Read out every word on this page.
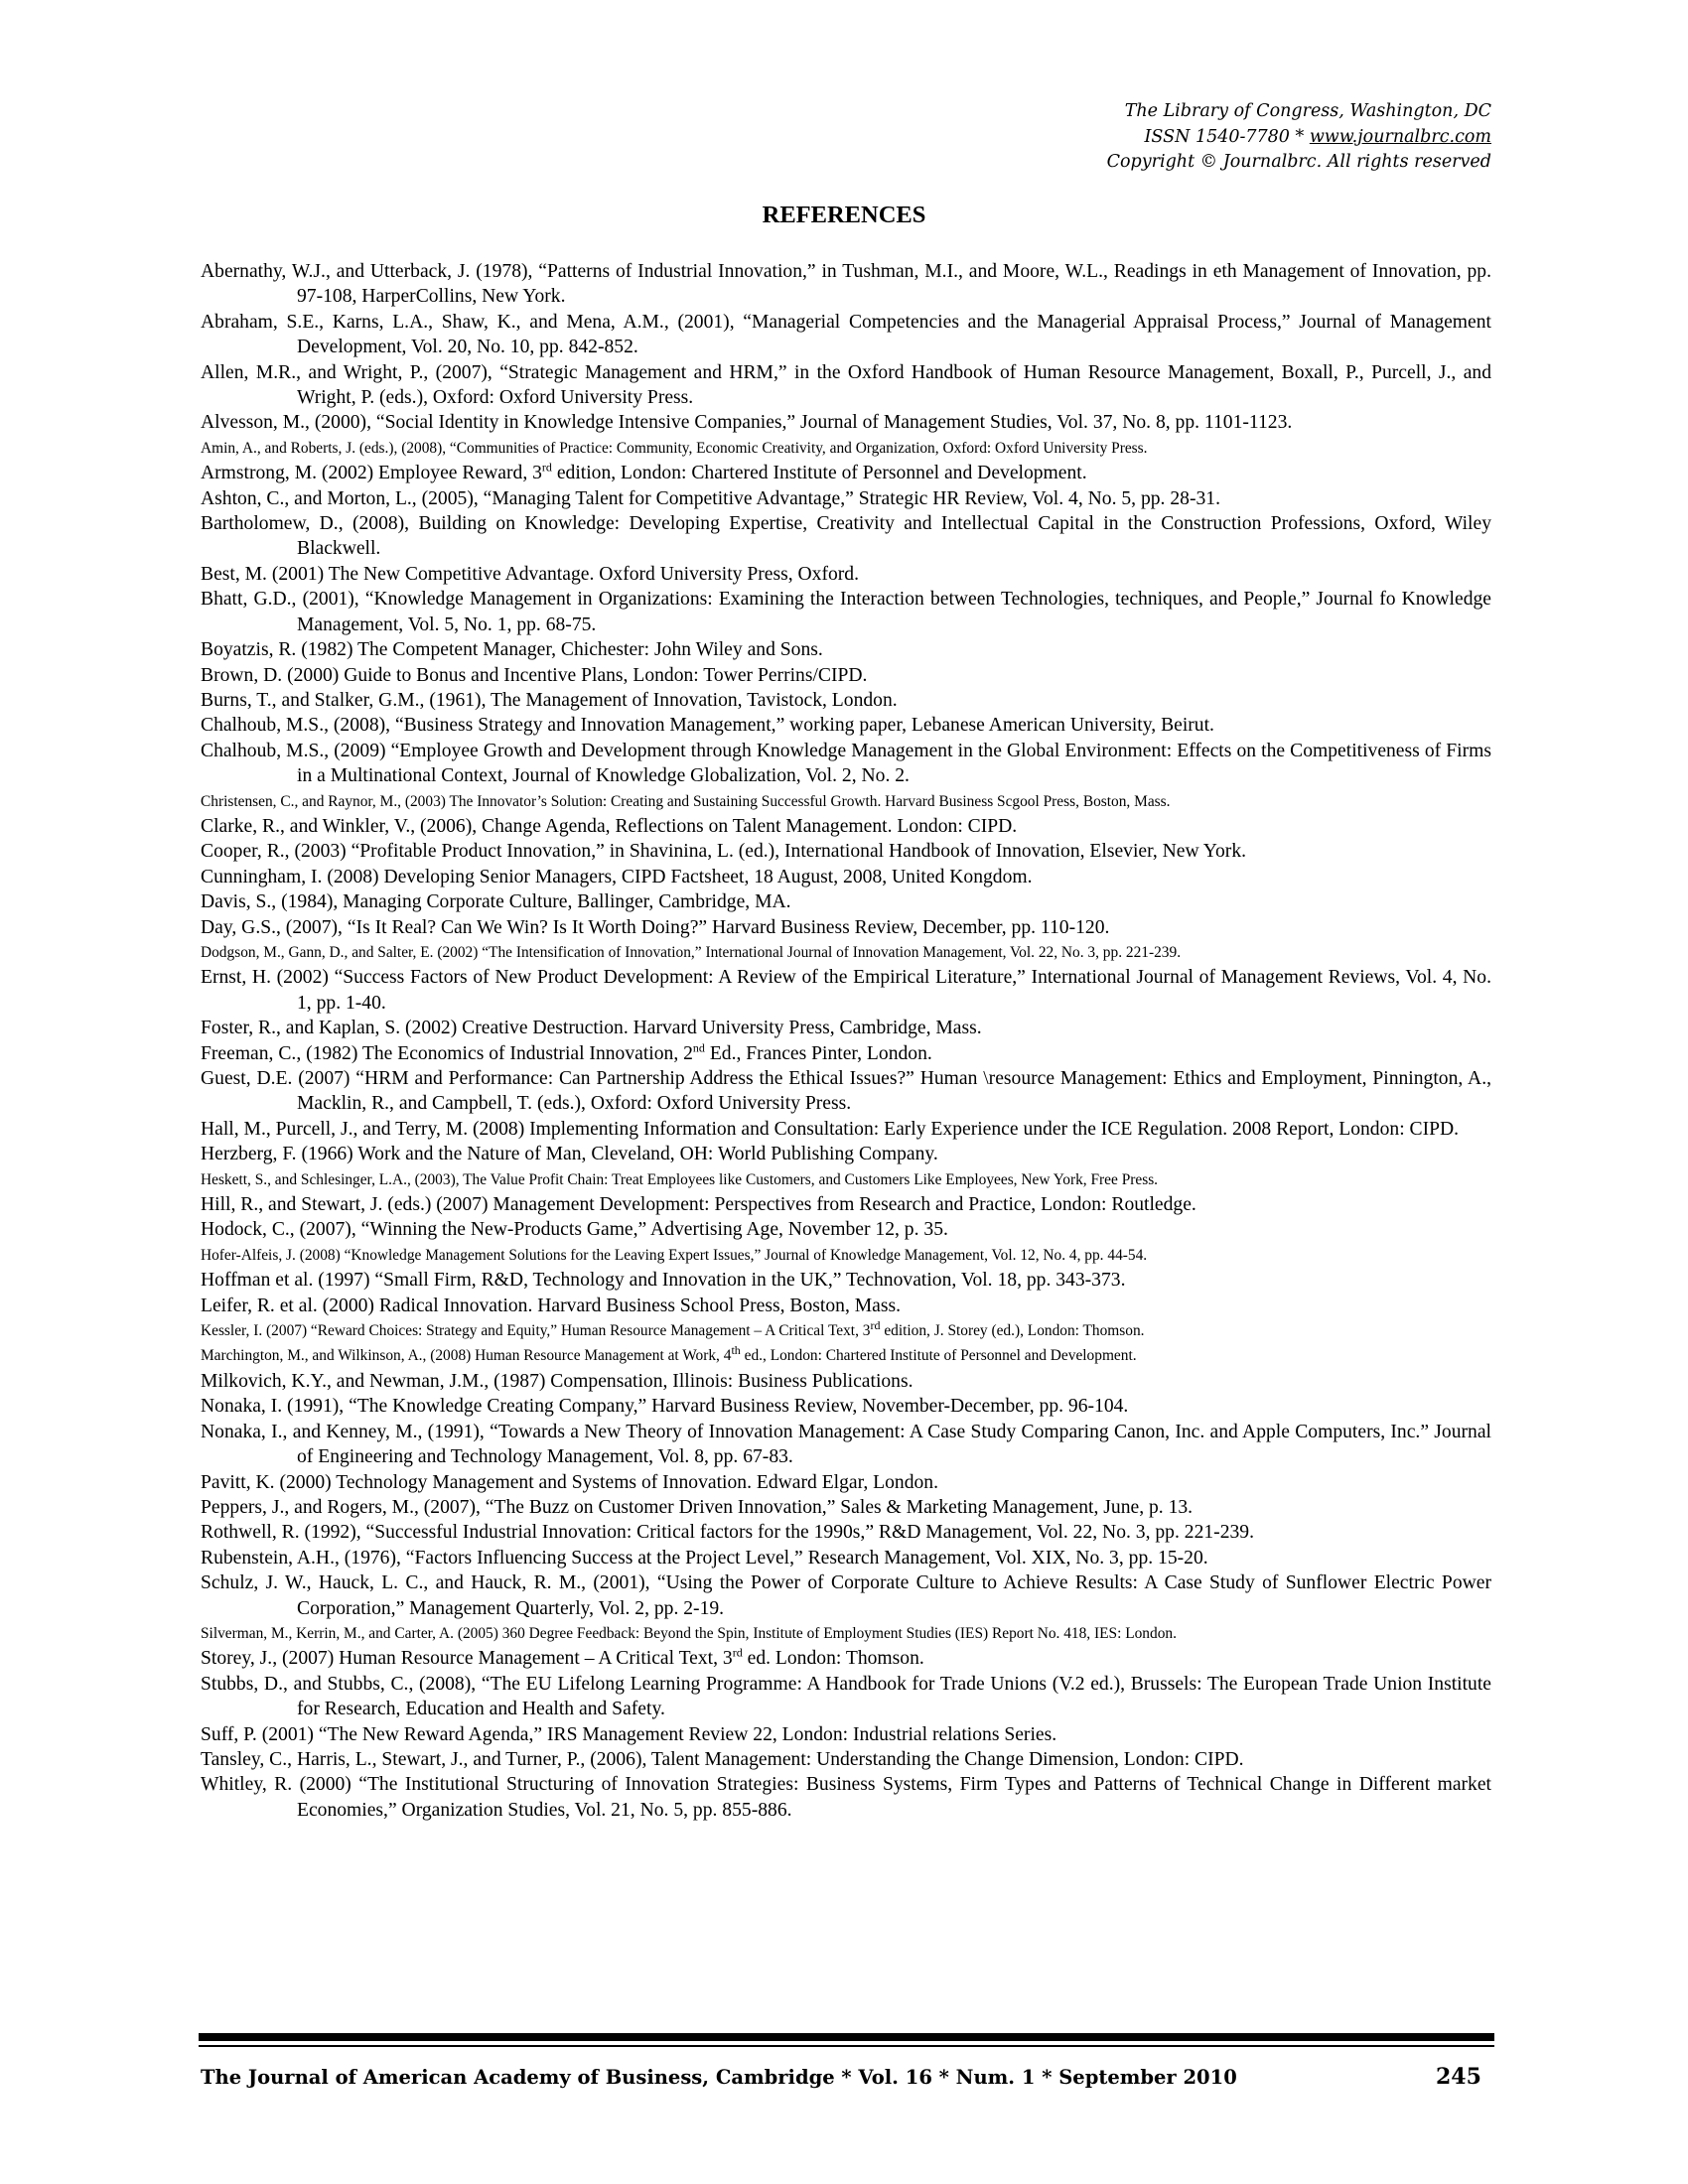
The Library of Congress, Washington, DC
ISSN 1540-7780 * www.journalbrc.com
Copyright © Journalbrc. All rights reserved
REFERENCES

Abernathy, W.J., and Utterback, J. (1978), “Patterns of Industrial Innovation,” in Tushman, M.I., and Moore, W.L., Readings in eth Management of Innovation, pp. 97-108, HarperCollins, New York.

Abraham, S.E., Karns, L.A., Shaw, K., and Mena, A.M., (2001), “Managerial Competencies and the Managerial Appraisal Process,” Journal of Management Development, Vol. 20, No. 10, pp. 842-852.

Allen, M.R., and Wright, P., (2007), “Strategic Management and HRM,” in the Oxford Handbook of Human Resource Management, Boxall, P., Purcell, J., and Wright, P. (eds.), Oxford: Oxford University Press.

Alvesson, M., (2000), “Social Identity in Knowledge Intensive Companies,” Journal of Management Studies, Vol. 37, No. 8, pp. 1101-1123.

Amin, A., and Roberts, J. (eds.), (2008), “Communities of Practice: Community, Economic Creativity, and Organization, Oxford: Oxford University Press.

Armstrong, M. (2002) Employee Reward, 3rd edition, London: Chartered Institute of Personnel and Development.

Ashton, C., and Morton, L., (2005), “Managing Talent for Competitive Advantage,” Strategic HR Review, Vol. 4, No. 5, pp. 28-31.

Bartholomew, D., (2008), Building on Knowledge: Developing Expertise, Creativity and Intellectual Capital in the Construction Professions, Oxford, Wiley Blackwell.

Best, M. (2001) The New Competitive Advantage. Oxford University Press, Oxford.

Bhatt, G.D., (2001), “Knowledge Management in Organizations: Examining the Interaction between Technologies, techniques, and People,” Journal fo Knowledge Management, Vol. 5, No. 1, pp. 68-75.

Boyatzis, R. (1982) The Competent Manager, Chichester: John Wiley and Sons.

Brown, D. (2000) Guide to Bonus and Incentive Plans, London: Tower Perrins/CIPD.

Burns, T., and Stalker, G.M., (1961), The Management of Innovation, Tavistock, London.

Chalhoub, M.S., (2008), “Business Strategy and Innovation Management,” working paper, Lebanese American University, Beirut.

Chalhoub, M.S., (2009) “Employee Growth and Development through Knowledge Management in the Global Environment: Effects on the Competitiveness of Firms in a Multinational Context, Journal of Knowledge Globalization, Vol. 2, No. 2.

Christensen, C., and Raynor, M., (2003) The Innovator’s Solution: Creating and Sustaining Successful Growth. Harvard Business Scgool Press, Boston, Mass.

Clarke, R., and Winkler, V., (2006), Change Agenda, Reflections on Talent Management. London: CIPD.

Cooper, R., (2003) “Profitable Product Innovation,” in Shavinina, L. (ed.), International Handbook of Innovation, Elsevier, New York.

Cunningham, I. (2008) Developing Senior Managers, CIPD Factsheet, 18 August, 2008, United Kongdom.

Davis, S., (1984), Managing Corporate Culture, Ballinger, Cambridge, MA.

Day, G.S., (2007), “Is It Real? Can We Win? Is It Worth Doing?” Harvard Business Review, December, pp. 110-120.

Dodgson, M., Gann, D., and Salter, E. (2002) “The Intensification of Innovation,” International Journal of Innovation Management, Vol. 22, No. 3, pp. 221-239.

Ernst, H. (2002) “Success Factors of New Product Development: A Review of the Empirical Literature,” International Journal of Management Reviews, Vol. 4, No. 1, pp. 1-40.

Foster, R., and Kaplan, S. (2002) Creative Destruction. Harvard University Press, Cambridge, Mass.

Freeman, C., (1982) The Economics of Industrial Innovation, 2nd Ed., Frances Pinter, London.

Guest, D.E. (2007) “HRM and Performance: Can Partnership Address the Ethical Issues?” Human \resource Management: Ethics and Employment, Pinnington, A., Macklin, R., and Campbell, T. (eds.), Oxford: Oxford University Press.

Hall, M., Purcell, J., and Terry, M. (2008) Implementing Information and Consultation: Early Experience under the ICE Regulation. 2008 Report, London: CIPD.

Herzberg, F. (1966) Work and the Nature of Man, Cleveland, OH: World Publishing Company.

Heskett, S., and Schlesinger, L.A., (2003), The Value Profit Chain: Treat Employees like Customers, and Customers Like Employees, New York, Free Press.

Hill, R., and Stewart, J. (eds.) (2007) Management Development: Perspectives from Research and Practice, London: Routledge.

Hodock, C., (2007), “Winning the New-Products Game,” Advertising Age, November 12, p. 35.

Hofer-Alfeis, J. (2008) “Knowledge Management Solutions for the Leaving Expert Issues,” Journal of Knowledge Management, Vol. 12, No. 4, pp. 44-54.

Hoffman et al. (1997) “Small Firm, R&D, Technology and Innovation in the UK,” Technovation, Vol. 18, pp. 343-373.

Leifer, R. et al. (2000) Radical Innovation. Harvard Business School Press, Boston, Mass.

Kessler, I. (2007) “Reward Choices: Strategy and Equity,” Human Resource Management – A Critical Text, 3rd edition, J. Storey (ed.), London: Thomson.

Marchington, M., and Wilkinson, A., (2008) Human Resource Management at Work, 4th ed., London: Chartered Institute of Personnel and Development.

Milkovich, K.Y., and Newman, J.M., (1987) Compensation, Illinois: Business Publications.

Nonaka, I. (1991), “The Knowledge Creating Company,” Harvard Business Review, November-December, pp. 96-104.

Nonaka, I., and Kenney, M., (1991), “Towards a New Theory of Innovation Management: A Case Study Comparing Canon, Inc. and Apple Computers, Inc.” Journal of Engineering and Technology Management, Vol. 8, pp. 67-83.

Pavitt, K. (2000) Technology Management and Systems of Innovation. Edward Elgar, London.

Peppers, J., and Rogers, M., (2007), “The Buzz on Customer Driven Innovation,” Sales & Marketing Management, June, p. 13.

Rothwell, R. (1992), “Successful Industrial Innovation: Critical factors for the 1990s,” R&D Management, Vol. 22, No. 3, pp. 221-239.

Rubenstein, A.H., (1976), “Factors Influencing Success at the Project Level,” Research Management, Vol. XIX, No. 3, pp. 15-20.

Schulz, J. W., Hauck, L. C., and Hauck, R. M., (2001), “Using the Power of Corporate Culture to Achieve Results: A Case Study of Sunflower Electric Power Corporation,” Management Quarterly, Vol. 2, pp. 2-19.

Silverman, M., Kerrin, M., and Carter, A. (2005) 360 Degree Feedback: Beyond the Spin, Institute of Employment Studies (IES) Report No. 418, IES: London.

Storey, J., (2007) Human Resource Management – A Critical Text, 3rd ed. London: Thomson.

Stubbs, D., and Stubbs, C., (2008), “The EU Lifelong Learning Programme: A Handbook for Trade Unions (V.2 ed.), Brussels: The European Trade Union Institute for Research, Education and Health and Safety.

Suff, P. (2001) “The New Reward Agenda,” IRS Management Review 22, London: Industrial relations Series.

Tansley, C., Harris, L., Stewart, J., and Turner, P., (2006), Talent Management: Understanding the Change Dimension, London: CIPD.

Whitley, R. (2000) “The Institutional Structuring of Innovation Strategies: Business Systems, Firm Types and Patterns of Technical Change in Different market Economies,” Organization Studies, Vol. 21, No. 5, pp. 855-886.

The Journal of American Academy of Business, Cambridge * Vol. 16 * Num. 1 * September 2010	245
